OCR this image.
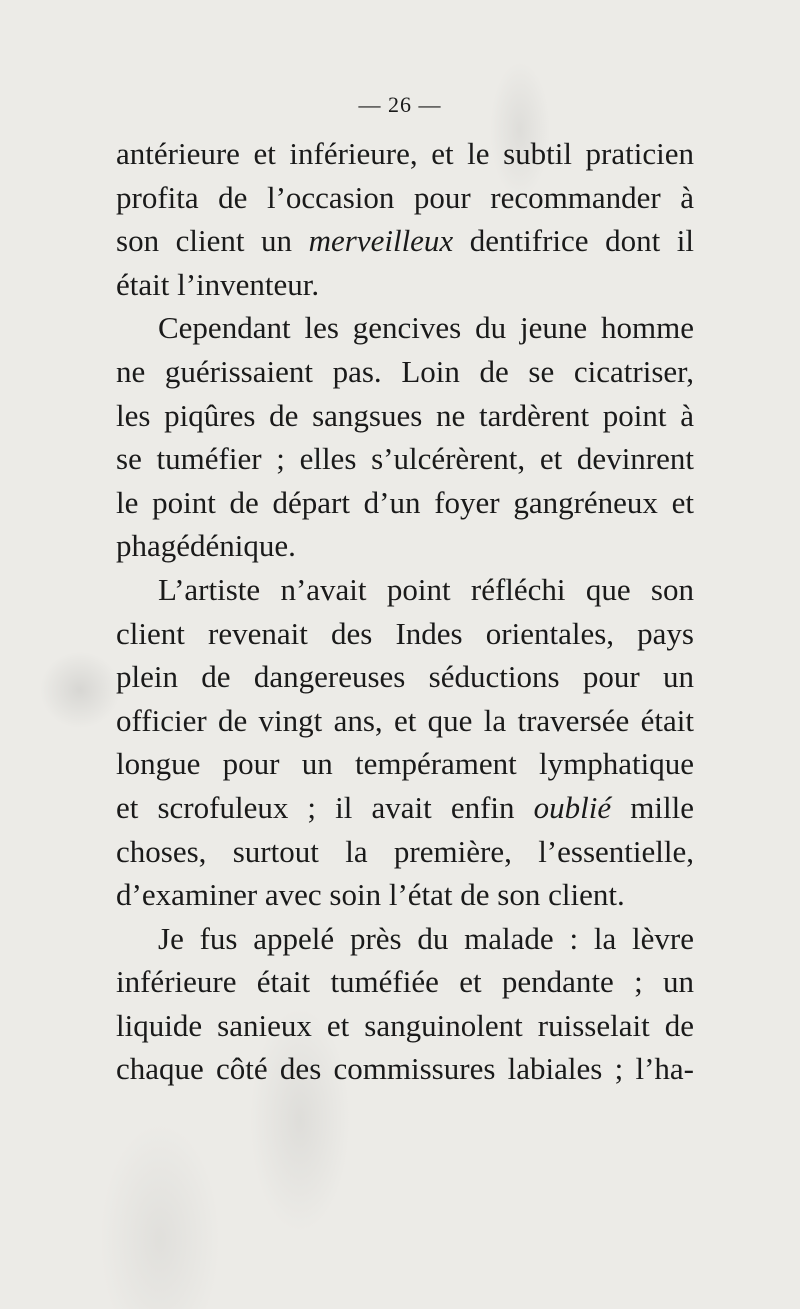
— 26 —

antérieure et inférieure, et le subtil praticien
profita de l’occasion pour recommander à
son client un merveilleux dentifrice dont il
était l’inventeur.

Cependant les gencives du jeune homme
ne guérissaient pas. Loin de se cicatriser,
les piqûres de sangsues ne tardèrent point à
se tuméfier ; elles s’ulcérèrent, et devinrent
le point de départ d’un foyer gangréneux et
phagédénique.

L’artiste n’avait point réfléchi que son
client revenait des Indes orientales, pays
plein de dangereuses séductions pour un
officier de vingt ans, et que la traversée était
longue pour un tempérament lymphatique
et scrofuleux ; il avait enfin oublié mille
choses, surtout la première, l’essentielle,
d’examiner avec soin l’état de son client.

Je fus appelé près du malade : la lèvre
inférieure était tuméfiée et pendante ; un
liquide sanieux et sanguinolent ruisselait de
chaque côté des commissures labiales ; l’ha-
